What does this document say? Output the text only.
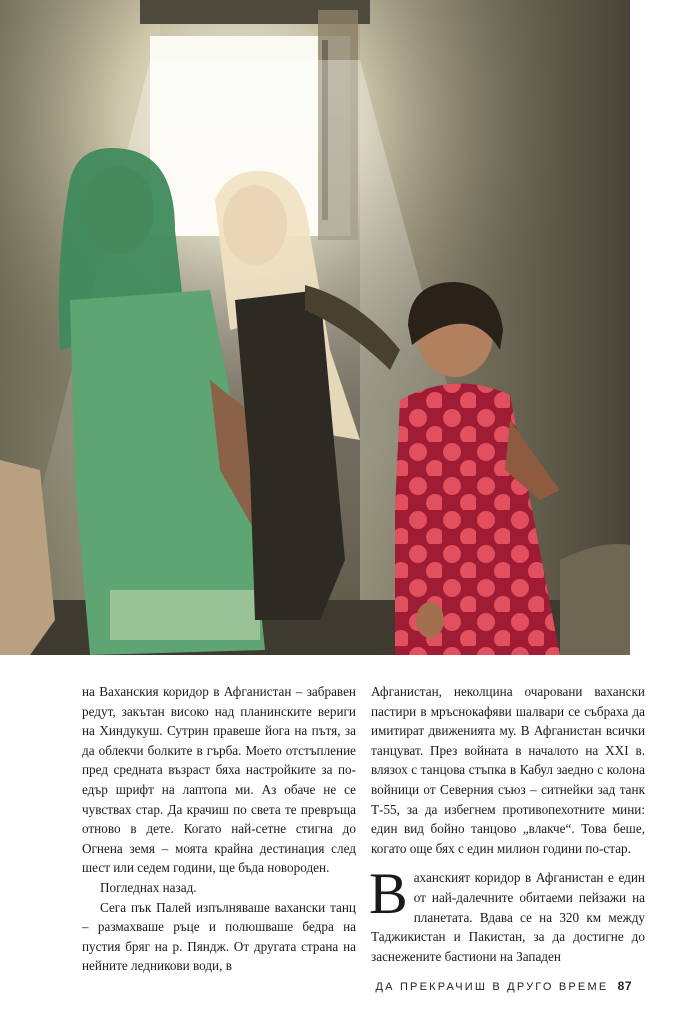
на Ваханския коридор в Афганистан – забравен редут, закътан високо над планинските вериги на Хиндукуш. Сутрин правеше йога на пътя, за да облекчи болките в гърба. Моето отстъпление пред средната възраст бяха настройките за по-едър шрифт на лаптопа ми. Аз обаче не се чувствах стар. Да крачиш по света те превръща отново в дете. Когато най-сетне стигна до Огнена земя – моята крайна дестинация след шест или седем години, ще бъда новороден.

Погледнах назад.

Сега пък Палей изпълняваше вахански танц – размахваше ръце и полюшваше бедра на пустия бряг на р. Пяндж. От другата страна на нейните ледникови води, в

Афганистан, неколцина очаровани вахански пастири в мръснокафяви шалвари се събраха да имитират движенията му. В Афганистан всички танцуват. През войната в началото на XXI в. влязох с танцова стъпка в Кабул заедно с колона войници от Северния съюз – ситнейки зад танк Т-55, за да избегнем противопехотните мини: един вид бойно танцово „влакче“. Това беше, когато още бях с един милион години по-стар.

Ваханският коридор в Афганистан е един от най-далечните обитаеми пейзажи на планетата. Вдава се на 320 км между Таджикистан и Пакистан, за да достигне до заснежените бастиони на Западен

ДА ПРЕКРАЧИШ В ДРУГО ВРЕМЕ 87
